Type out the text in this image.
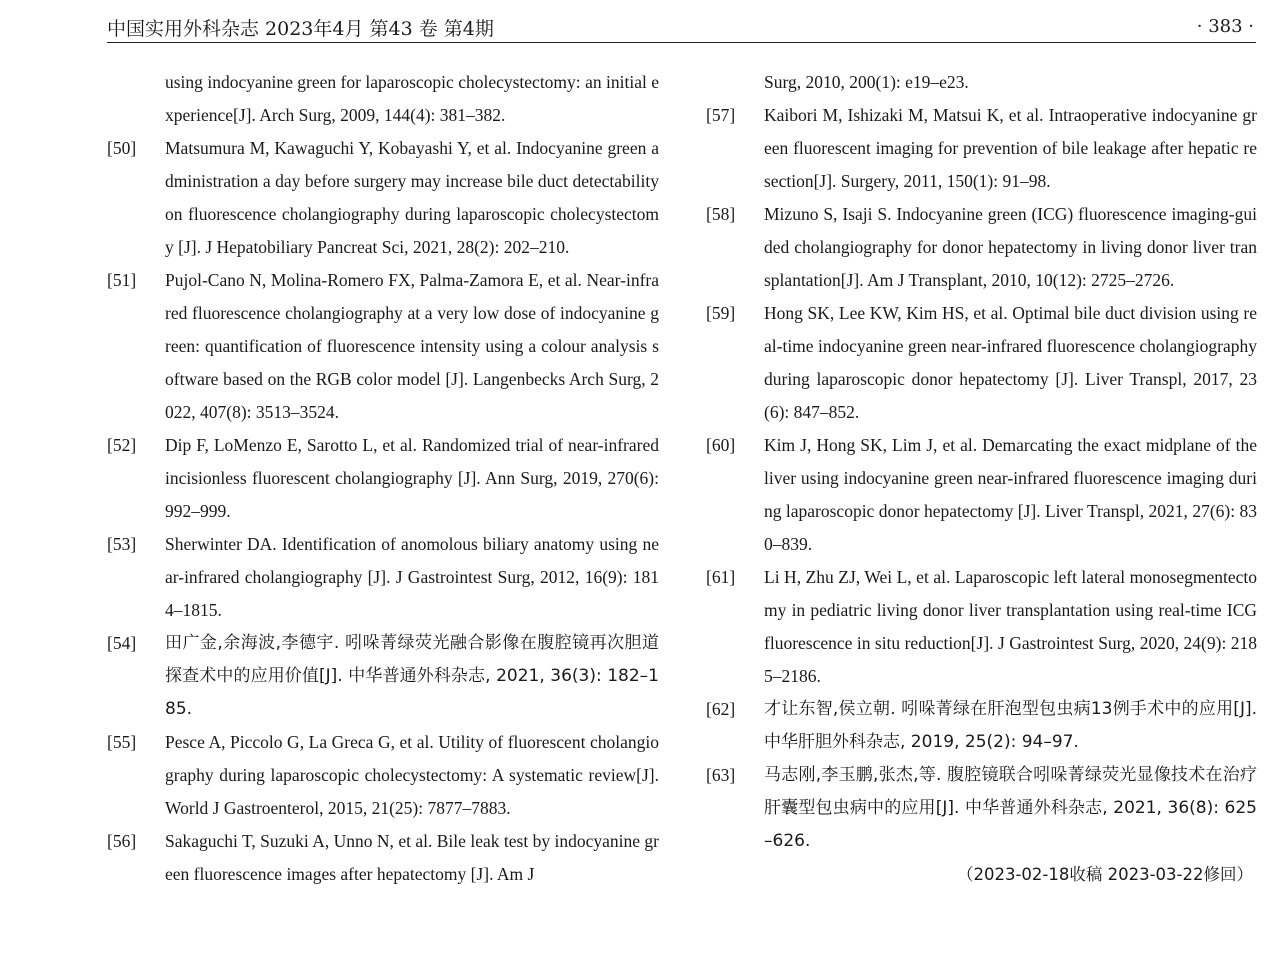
中国实用外科杂志 2023年4月 第43 卷 第4期	· 383 ·
using indocyanine green for laparoscopic cholecystectomy: an initial experience[J]. Arch Surg, 2009, 144(4): 381–382.
[50]	Matsumura M, Kawaguchi Y, Kobayashi Y, et al. Indocyanine green administration a day before surgery may increase bile duct detectability on fluorescence cholangiography during laparoscopic cholecystectomy [J]. J Hepatobiliary Pancreat Sci, 2021, 28(2): 202–210.
[51]	Pujol-Cano N, Molina-Romero FX, Palma-Zamora E, et al. Near-infrared fluorescence cholangiography at a very low dose of indocyanine green: quantification of fluorescence intensity using a colour analysis software based on the RGB color model [J]. Langenbecks Arch Surg, 2022, 407(8): 3513–3524.
[52]	Dip F, LoMenzo E, Sarotto L, et al. Randomized trial of near-infrared incisionless fluorescent cholangiography [J]. Ann Surg, 2019, 270(6): 992–999.
[53]	Sherwinter DA. Identification of anomolous biliary anatomy using near-infrared cholangiography [J]. J Gastrointest Surg, 2012, 16(9): 1814–1815.
[54]	田广金,余海波,李德宇. 吲哚菁绿荧光融合影像在腹腔镜再次胆道探查术中的应用价值[J]. 中华普通外科杂志, 2021, 36(3): 182–185.
[55]	Pesce A, Piccolo G, La Greca G, et al. Utility of fluorescent cholangiography during laparoscopic cholecystectomy: A systematic review[J]. World J Gastroenterol, 2015, 21(25): 7877–7883.
[56]	Sakaguchi T, Suzuki A, Unno N, et al. Bile leak test by indocyanine green fluorescence images after hepatectomy [J]. Am J
Surg, 2010, 200(1): e19–e23.
[57]	Kaibori M, Ishizaki M, Matsui K, et al. Intraoperative indocyanine green fluorescent imaging for prevention of bile leakage after hepatic resection[J]. Surgery, 2011, 150(1): 91–98.
[58]	Mizuno S, Isaji S. Indocyanine green (ICG) fluorescence imaging-guided cholangiography for donor hepatectomy in living donor liver transplantation[J]. Am J Transplant, 2010, 10(12): 2725–2726.
[59]	Hong SK, Lee KW, Kim HS, et al. Optimal bile duct division using real-time indocyanine green near-infrared fluorescence cholangiography during laparoscopic donor hepatectomy [J]. Liver Transpl, 2017, 23(6): 847–852.
[60]	Kim J, Hong SK, Lim J, et al. Demarcating the exact midplane of the liver using indocyanine green near-infrared fluorescence imaging during laparoscopic donor hepatectomy [J]. Liver Transpl, 2021, 27(6): 830–839.
[61]	Li H, Zhu ZJ, Wei L, et al. Laparoscopic left lateral monosegmentectomy in pediatric living donor liver transplantation using real-time ICG fluorescence in situ reduction[J]. J Gastrointest Surg, 2020, 24(9): 2185–2186.
[62]	才让东智,侯立朝. 吲哚菁绿在肝泡型包虫病13例手术中的应用[J]. 中华肝胆外科杂志, 2019, 25(2): 94–97.
[63]	马志刚,李玉鹏,张杰,等. 腹腔镜联合吲哚菁绿荧光显像技术在治疗肝囊型包虫病中的应用[J]. 中华普通外科杂志, 2021, 36(8): 625–626.
（2023-02-18收稿 2023-03-22修回）
